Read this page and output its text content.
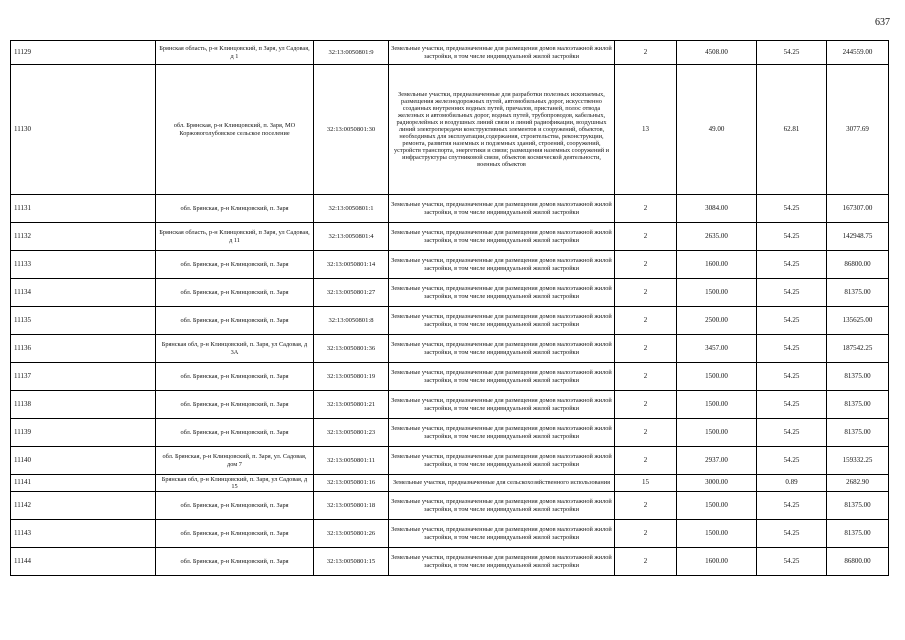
637
11129	Брянская область, р-н Клинцовский, п Заря, ул Садовая, д 1	32:13:0050801:9	Земельные участки, предназначенные для размещения домов малоэтажной жилой застройки, в том числе индивидуальной жилой застройки	2	4508.00	54.25	244559.00
11130	обл. Брянская, р-н Клинцовский, п. Заря, МО Коржовоголубовское сельское поселение	32:13:0050801:30	Земельные участки, предназначенные для разработки полезных ископаемых, размещения железнодорожных путей, автомобильных дорог, искусственно созданных внутренних водных путей, причалов, пристаней, полос отвода железных и автомобильных дорог, водных путей, трубопроводов, кабельных, радиорелейных и воздушных линий связи и линий радиофикации, воздушных линий электропередачи конструктивных элементов и сооружений, объектов, необходимых для эксплуатации,содержания, строительства, реконструкции, ремонта, развития наземных и подземных зданий, строений, сооружений, устройств транспорта, энергетики и связи; размещения наземных сооружений и инфраструктуры спутниковой связи, объектов космической деятельности, военных объектов	13	49.00	62.81	3077.69
11131	обл. Брянская, р-н Клинцовский, п. Заря	32:13:0050801:1	Земельные участки, предназначенные для размещения домов малоэтажной жилой застройки, в том числе индивидуальной жилой застройки	2	3084.00	54.25	167307.00
11132	Брянская область, р-н Клинцовский, п Заря, ул Садовая, д 11	32:13:0050801:4	Земельные участки, предназначенные для размещения домов малоэтажной жилой застройки, в том числе индивидуальной жилой застройки	2	2635.00	54.25	142948.75
11133	обл. Брянская, р-н Клинцовский, п. Заря	32:13:0050801:14	Земельные участки, предназначенные для размещения домов малоэтажной жилой застройки, в том числе индивидуальной жилой застройки	2	1600.00	54.25	86800.00
11134	обл. Брянская, р-н Клинцовский, п. Заря	32:13:0050801:27	Земельные участки, предназначенные для размещения домов малоэтажной жилой застройки, в том числе индивидуальной жилой застройки	2	1500.00	54.25	81375.00
11135	обл. Брянская, р-н Клинцовский, п. Заря	32:13:0050801:8	Земельные участки, предназначенные для размещения домов малоэтажной жилой застройки, в том числе индивидуальной жилой застройки	2	2500.00	54.25	135625.00
11136	Брянская обл, р-н Клинцовский, п. Заря, ул Садовая, д 3А	32:13:0050801:36	Земельные участки, предназначенные для размещения домов малоэтажной жилой застройки, в том числе индивидуальной жилой застройки	2	3457.00	54.25	187542.25
11137	обл. Брянская, р-н Клинцовский, п. Заря	32:13:0050801:19	Земельные участки, предназначенные для размещения домов малоэтажной жилой застройки, в том числе индивидуальной жилой застройки	2	1500.00	54.25	81375.00
11138	обл. Брянская, р-н Клинцовский, п. Заря	32:13:0050801:21	Земельные участки, предназначенные для размещения домов малоэтажной жилой застройки, в том числе индивидуальной жилой застройки	2	1500.00	54.25	81375.00
11139	обл. Брянская, р-н Клинцовский, п. Заря	32:13:0050801:23	Земельные участки, предназначенные для размещения домов малоэтажной жилой застройки, в том числе индивидуальной жилой застройки	2	1500.00	54.25	81375.00
11140	обл. Брянская, р-н Клинцовский, п. Заря, ул. Садовая, дом 7	32:13:0050801:11	Земельные участки, предназначенные для размещения домов малоэтажной жилой застройки, в том числе индивидуальной жилой застройки	2	2937.00	54.25	159332.25
11141	Брянская обл, р-н Клинцовский, п. Заря, ул Садовая, д 15	32:13:0050801:16	Земельные участки, предназначенные для сельскохозяйственного использования	15	3000.00	0.89	2682.90
11142	обл. Брянская, р-н Клинцовский, п. Заря	32:13:0050801:18	Земельные участки, предназначенные для размещения домов малоэтажной жилой застройки, в том числе индивидуальной жилой застройки	2	1500.00	54.25	81375.00
11143	обл. Брянская, р-н Клинцовский, п. Заря	32:13:0050801:26	Земельные участки, предназначенные для размещения домов малоэтажной жилой застройки, в том числе индивидуальной жилой застройки	2	1500.00	54.25	81375.00
11144	обл. Брянская, р-н Клинцовский, п. Заря	32:13:0050801:15	Земельные участки, предназначенные для размещения домов малоэтажной жилой застройки, в том числе индивидуальной жилой застройки	2	1600.00	54.25	86800.00
